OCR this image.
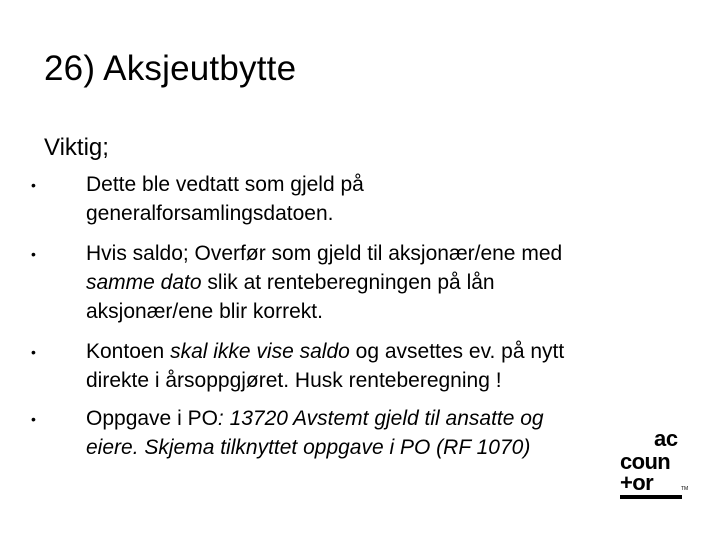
26) Aksjeutbytte
Viktig;
• Dette ble vedtatt som gjeld på
generalforsamlingsdatoen.
• Hvis saldo; Overfør som gjeld til aksjonær/ene med
samme dato slik at renteberegningen på lån
aksjonær/ene blir korrekt.
• Kontoen skal ikke vise saldo og avsettes ev. på nytt
direkte i årsoppgjøret. Husk renteberegning !
• Oppgave i PO: 13720 Avstemt gjeld til ansatte og
eiere. Skjema tilknyttet oppgave i PO (RF 1070)	ac
coun
+or	TM
